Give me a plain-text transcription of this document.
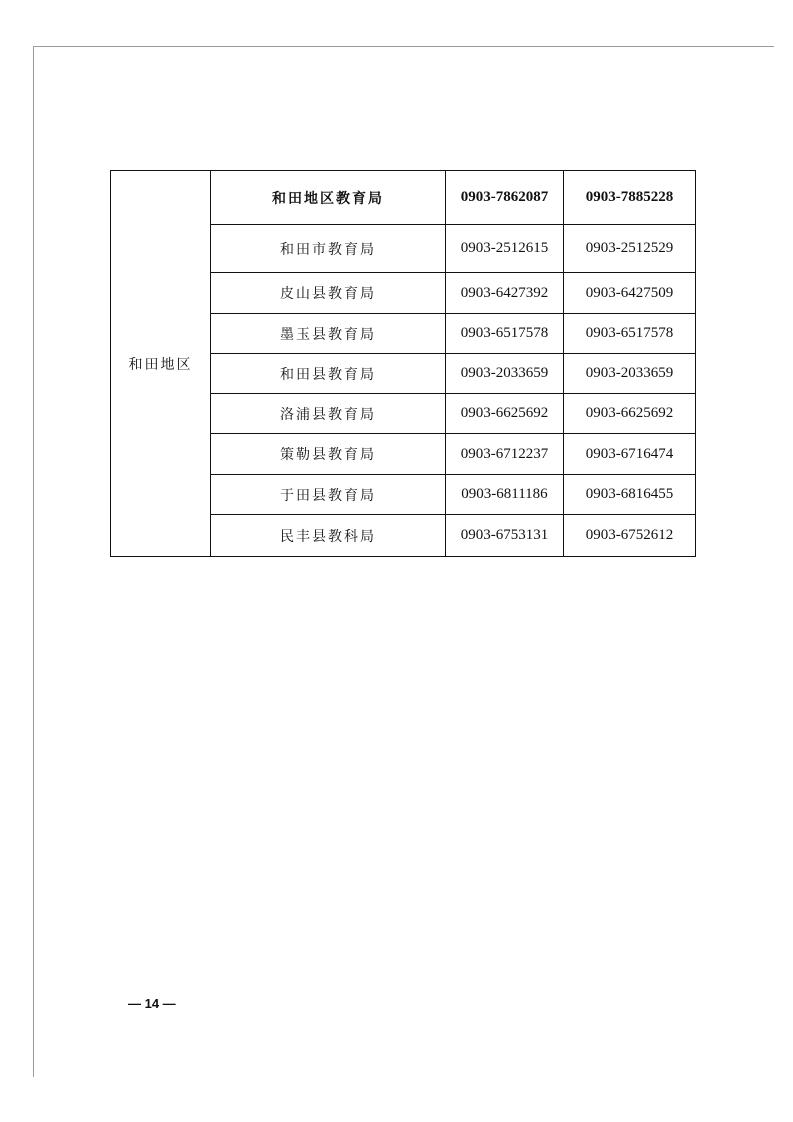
和田地区	和田地区教育局	0903-7862087	0903-7885228
	和田市教育局	0903-2512615	0903-2512529
	皮山县教育局	0903-6427392	0903-6427509
	墨玉县教育局	0903-6517578	0903-6517578
	和田县教育局	0903-2033659	0903-2033659
	洛浦县教育局	0903-6625692	0903-6625692
	策勒县教育局	0903-6712237	0903-6716474
	于田县教育局	0903-6811186	0903-6816455
	民丰县教科局	0903-6753131	0903-6752612
— 14 —
